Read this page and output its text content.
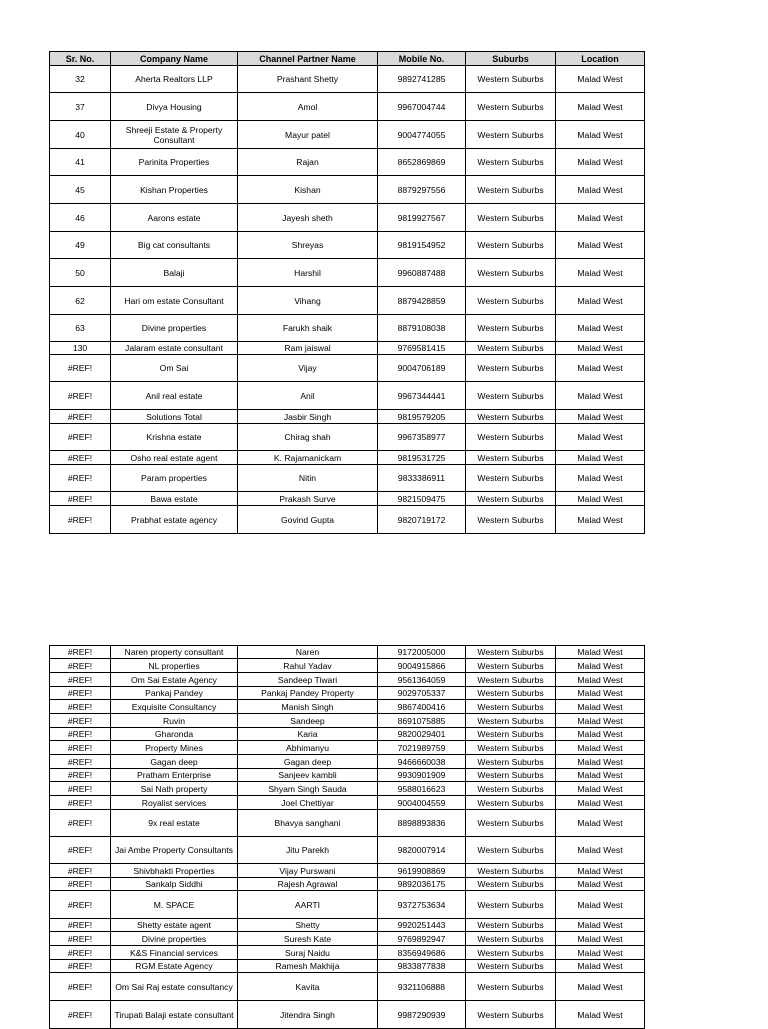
Sr. No.	Company Name	Channel Partner Name	Mobile No.	Suburbs	Location
32	Aherta Realtors LLP	Prashant Shetty	9892741285	Western Suburbs	Malad West
37	Divya Housing	Amol	9967004744	Western Suburbs	Malad West
40	Shreeji Estate & Property Consultant	Mayur patel	9004774055	Western Suburbs	Malad West
41	Parinita Properties	Rajan	8652869869	Western Suburbs	Malad West
45	Kishan Properties	Kishan	8879297556	Western Suburbs	Malad West
46	Aarons estate	Jayesh sheth	9819927567	Western Suburbs	Malad West
49	Big cat consultants	Shreyas	9819154952	Western Suburbs	Malad West
50	Balaji	Harshil	9960887488	Western Suburbs	Malad West
62	Hari om estate Consultant	Vihang	8879428859	Western Suburbs	Malad West
63	Divine properties	Farukh shaik	8879108038	Western Suburbs	Malad West
130	Jalaram estate consultant	Ram jaiswal	9769581415	Western Suburbs	Malad West
#REF!	Om Sai	Vijay	9004706189	Western Suburbs	Malad West
#REF!	Anil real estate	Anil	9967344441	Western Suburbs	Malad West
#REF!	Solutions Total	Jasbir Singh	9819579205	Western Suburbs	Malad West
#REF!	Krishna estate	Chirag shah	9967358977	Western Suburbs	Malad West
#REF!	Osho real estate agent	K. Rajamanickam	9819531725	Western Suburbs	Malad West
#REF!	Param properties	Nitin	9833386911	Western Suburbs	Malad West
#REF!	Bawa estate	Prakash Surve	9821509475	Western Suburbs	Malad West
#REF!	Prabhat estate agency	Govind Gupta	9820719172	Western Suburbs	Malad West
#REF!	Naren property consultant	Naren	9172005000	Western Suburbs	Malad West
#REF!	NL properties	Rahul Yadav	9004915866	Western Suburbs	Malad West
#REF!	Om Sai Estate Agency	Sandeep Tiwari	9561364059	Western Suburbs	Malad West
#REF!	Pankaj Pandey	Pankaj Pandey Property	9029705337	Western Suburbs	Malad West
#REF!	Exquisite Consultancy	Manish Singh	9867400416	Western Suburbs	Malad West
#REF!	Ruvin	Sandeep	8691075885	Western Suburbs	Malad West
#REF!	Gharonda	Karia	9820029401	Western Suburbs	Malad West
#REF!	Property Mines	Abhimanyu	7021989759	Western Suburbs	Malad West
#REF!	Gagan deep	Gagan deep	9466660038	Western Suburbs	Malad West
#REF!	Pratham Enterprise	Sanjeev kambli	9930901909	Western Suburbs	Malad West
#REF!	Sai Nath property	Shyam Singh Sauda	9588016623	Western Suburbs	Malad West
#REF!	Royalist services	Joel Chettiyar	9004004559	Western Suburbs	Malad West
#REF!	9x real estate	Bhavya sanghani	8898893836	Western Suburbs	Malad West
#REF!	Jai Ambe Property Consultants	Jitu Parekh	9820007914	Western Suburbs	Malad West
#REF!	Shivbhakti Properties	Vijay Purswani	9619908869	Western Suburbs	Malad West
#REF!	Sankalp Siddhi	Rajesh Agrawal	9892036175	Western Suburbs	Malad West
#REF!	M. SPACE	AARTI	9372753634	Western Suburbs	Malad West
#REF!	Shetty estate agent	Shetty	9920251443	Western Suburbs	Malad West
#REF!	Divine properties	Suresh Kate	9769892947	Western Suburbs	Malad West
#REF!	K&S Financial services	Suraj Naidu	8356949686	Western Suburbs	Malad West
#REF!	RGM Estate Agency	Ramesh Makhija	9833877838	Western Suburbs	Malad West
#REF!	Om Sai Raj estate consultancy	Kavita	9321106888	Western Suburbs	Malad West
#REF!	Tirupati Balaji estate consultant	Jitendra Singh	9987290939	Western Suburbs	Malad West
